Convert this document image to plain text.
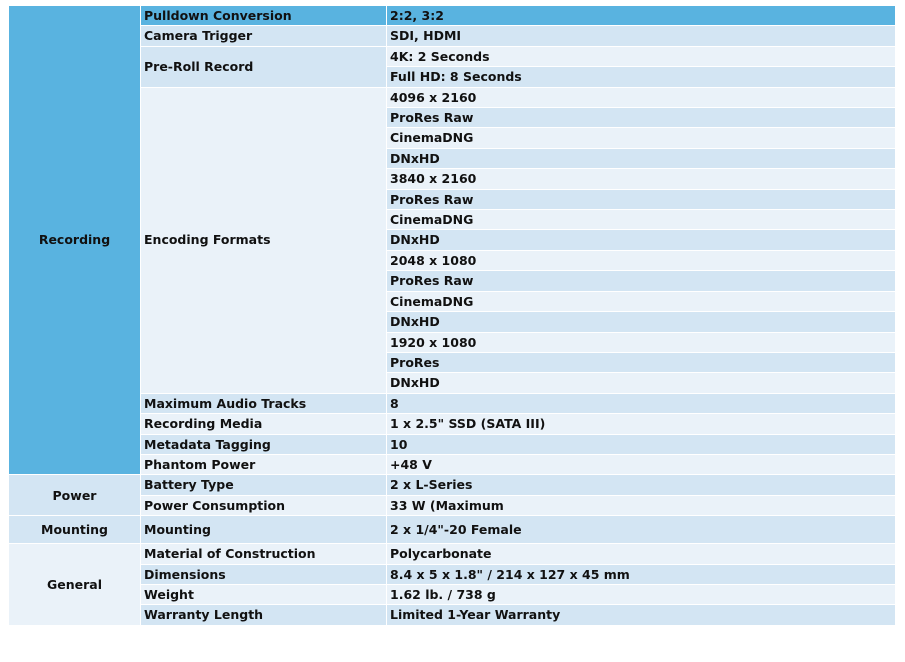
Recording	Pulldown Conversion	2:2, 3:2
	Camera Trigger	SDI, HDMI
	Pre-Roll Record	4K: 2 Seconds
		Full HD: 8 Seconds
	Encoding Formats	4096 x 2160
		ProRes Raw
		CinemaDNG
		DNxHD
		3840 x 2160
		ProRes Raw
		CinemaDNG
		DNxHD
		2048 x 1080
		ProRes Raw
		CinemaDNG
		DNxHD
		1920 x 1080
		ProRes
		DNxHD
	Maximum Audio Tracks	8
	Recording Media	1 x 2.5" SSD (SATA III)
	Metadata Tagging	10
	Phantom Power	+48 V
Power	Battery Type	2 x L-Series
	Power Consumption	33 W (Maximum
Mounting	Mounting	2 x 1/4"-20 Female
General	Material of Construction	Polycarbonate
	Dimensions	8.4 x 5 x 1.8" / 214 x 127 x 45 mm
	Weight	1.62 lb. / 738 g
	Warranty Length	Limited 1-Year Warranty
